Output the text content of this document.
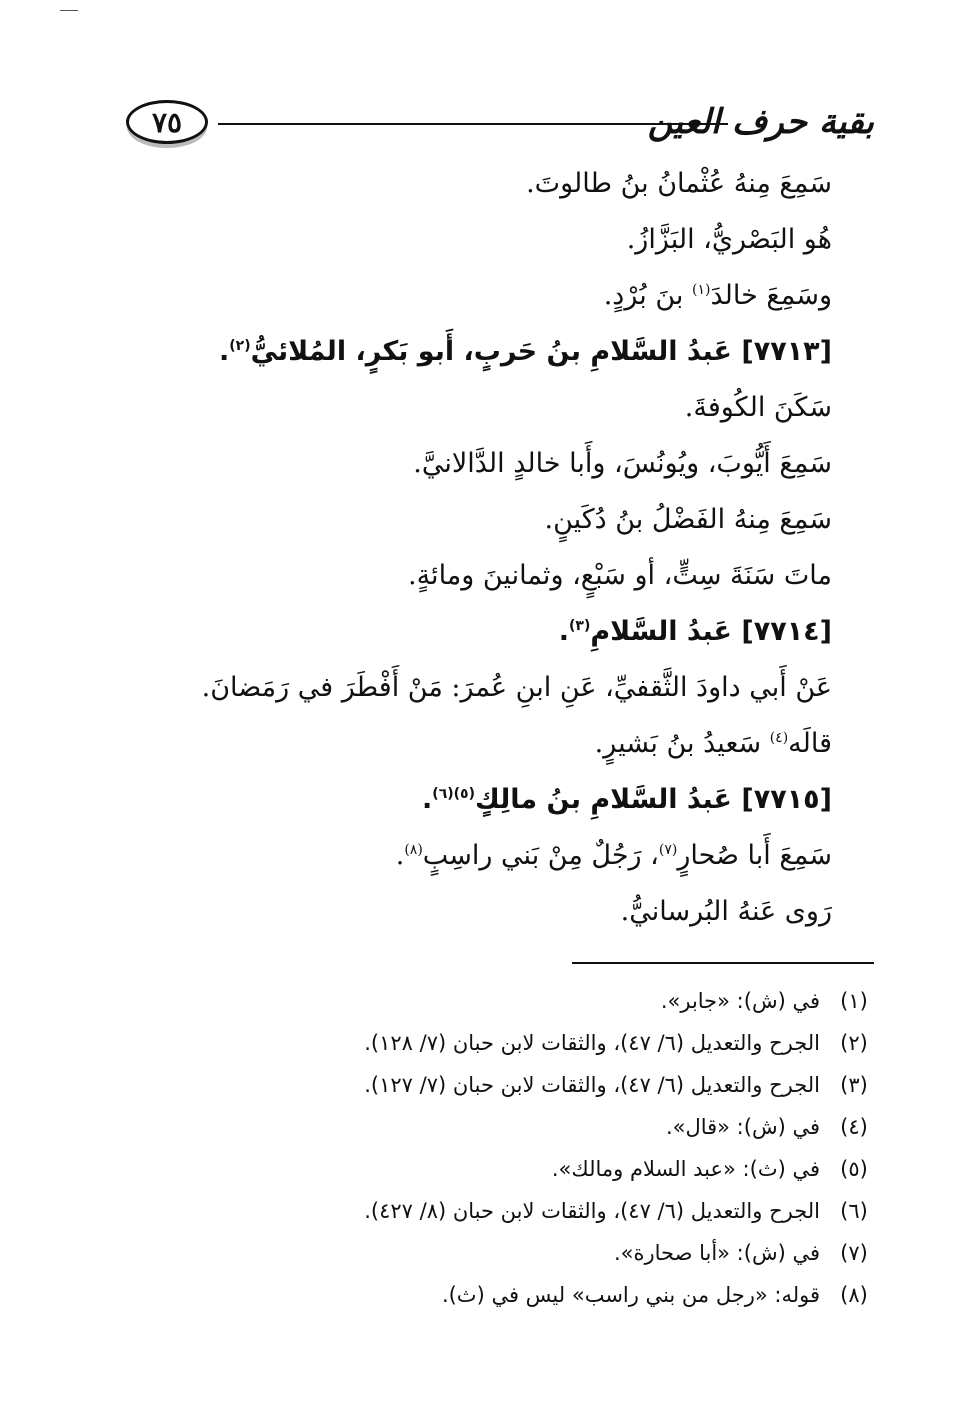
٧٥	بقية حرف العين
سَمِعَ مِنهُ عُثْمانُ بنُ طالوتَ.
هُو البَصْريُّ، البَزَّازُ.
وسَمِعَ خالدَ$^{(١)}$ بنَ بُرْدٍ.
[٧٧١٣] عَبدُ السَّلامِ بنُ حَربٍ، أَبو بَكرٍ، المُلائيُّ$^{(٢)}$.
سَكَنَ الكُوفةَ.
سَمِعَ أَيُّوبَ، ويُونُسَ، وأَبا خالدٍ الدَّالانيَّ.
سَمِعَ مِنهُ الفَضْلُ بنُ دُكَينٍ.
ماتَ سَنَةَ سِتٍّ، أو سَبْعٍ، وثمانينَ ومائةٍ.
[٧٧١٤] عَبدُ السَّلامِ$^{(٣)}$.
عَنْ أَبي داودَ الثَّقفيِّ، عَنِ ابنِ عُمرَ: مَنْ أَفْطَرَ في رَمَضانَ.
قالَه$^{(٤)}$ سَعيدُ بنُ بَشيرٍ.
[٧٧١٥] عَبدُ السَّلامِ بنُ مالِكٍ$^{(٥)(٦)}$.
سَمِعَ أَبا صُحارٍ$^{(٧)}$، رَجُلٌ مِنْ بَني راسِبٍ$^{(٨)}$.
رَوى عَنهُ البُرسانيُّ.
(١)في (ش): «جابر».
(٢)الجرح والتعديل (٦/ ٤٧)، والثقات لابن حبان (٧/ ١٢٨).
(٣)الجرح والتعديل (٦/ ٤٧)، والثقات لابن حبان (٧/ ١٢٧).
(٤)في (ش): «قال».
(٥)في (ث): «عبد السلام ومالك».
(٦)الجرح والتعديل (٦/ ٤٧)، والثقات لابن حبان (٨/ ٤٢٧).
(٧)في (ش): «أبا صحارة».
(٨)قوله: «رجل من بني راسب» ليس في (ث).
